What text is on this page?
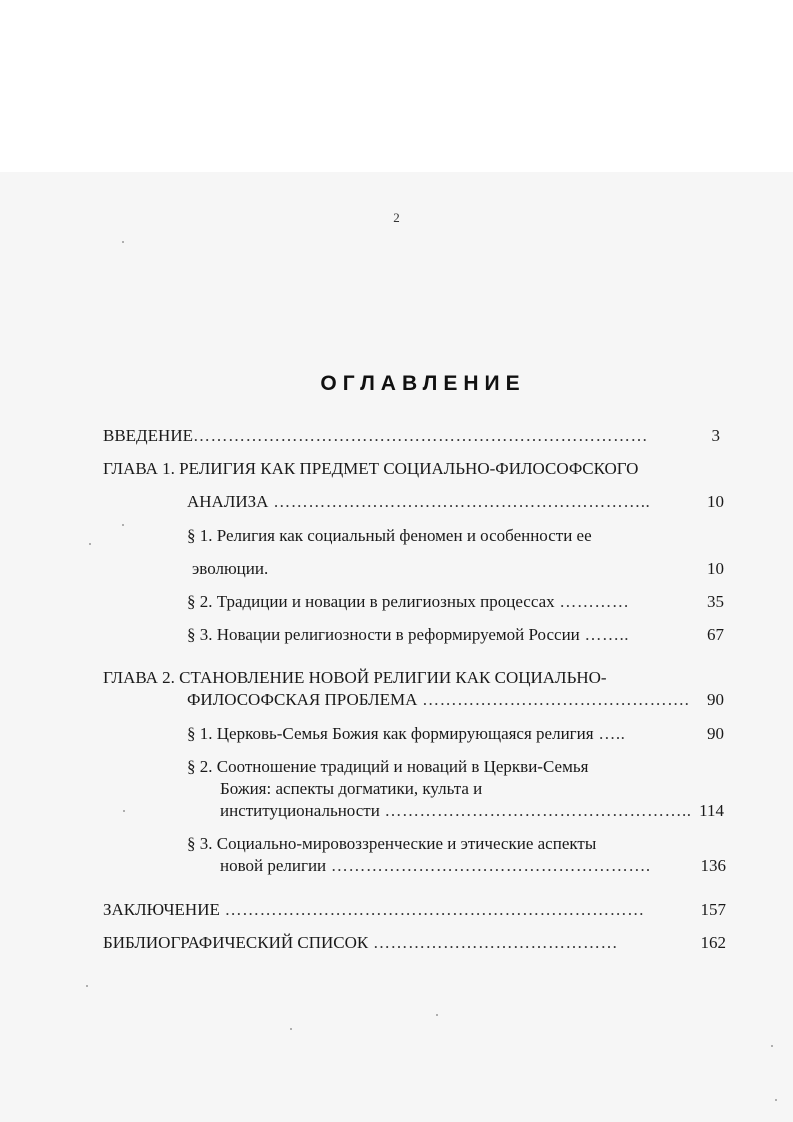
2
ОГЛАВЛЕНИЕ
ВВЕДЕНИЕ……………………………………………………………………	3
ГЛАВА 1. РЕЛИГИЯ КАК ПРЕДМЕТ СОЦИАЛЬНО-ФИЛОСОФСКОГО
АНАЛИЗА ………………………………………………………..	10
§ 1. Религия как социальный феномен и особенности ее
эволюции.	10
§ 2. Традиции и новации в религиозных процессах …………	35
§ 3. Новации религиозности в реформируемой России ……..	67
ГЛАВА 2. СТАНОВЛЕНИЕ НОВОЙ РЕЛИГИИ КАК СОЦИАЛЬНО-
ФИЛОСОФСКАЯ ПРОБЛЕМА ……………………………………….	90
§ 1. Церковь-Семья Божия как формирующаяся религия …..	90
§ 2. Соотношение традиций и новаций в Церкви-Семья
Божия: аспекты догматики, культа и
институциональности …………………………………………….. 114
§ 3. Социально-мировоззренческие и этические аспекты
новой религии ……………………………………………….	136
ЗАКЛЮЧЕНИЕ ………………………………………………………………	157
БИБЛИОГРАФИЧЕСКИЙ СПИСОК ……………………………………	162
